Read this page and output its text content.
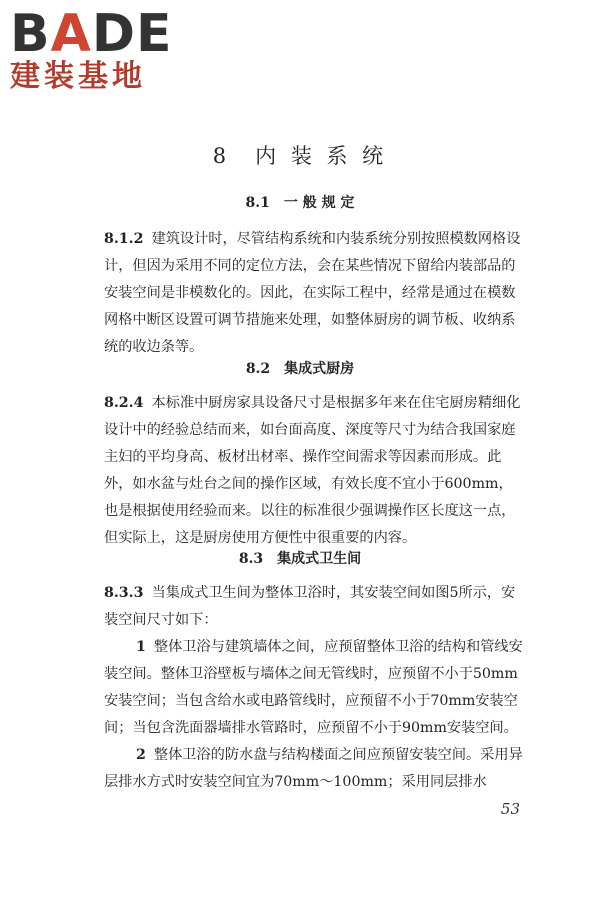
B A DE
建装基地
8　内 装 系 统
8.1　一 般 规 定
8.1.2 建筑设计时，尽管结构系统和内装系统分别按照模数网格设计，但因为采用不同的定位方法，会在某些情况下留给内装部品的安装空间是非模数化的。因此，在实际工程中，经常是通过在模数网格中断区设置可调节措施来处理，如整体厨房的调节板、收纳系统的收边条等。
8.2　集成式厨房
8.2.4 本标准中厨房家具设备尺寸是根据多年来在住宅厨房精细化设计中的经验总结而来，如台面高度、深度等尺寸为结合我国家庭主妇的平均身高、板材出材率、操作空间需求等因素而形成。此外，如水盆与灶台之间的操作区域，有效长度不宜小于600mm，也是根据使用经验而来。以往的标准很少强调操作区长度这一点，但实际上，这是厨房使用方便性中很重要的内容。
8.3　集成式卫生间
8.3.3 当集成式卫生间为整体卫浴时，其安装空间如图5所示，安装空间尺寸如下：
1 整体卫浴与建筑墙体之间，应预留整体卫浴的结构和管线安装空间。整体卫浴壁板与墙体之间无管线时，应预留不小于50mm安装空间；当包含给水或电路管线时，应预留不小于70mm安装空间；当包含洗面器墙排水管路时，应预留不小于90mm安装空间。
2 整体卫浴的防水盘与结构楼面之间应预留安装空间。采用异层排水方式时安装空间宜为70mm～100mm；采用同层排水
53
